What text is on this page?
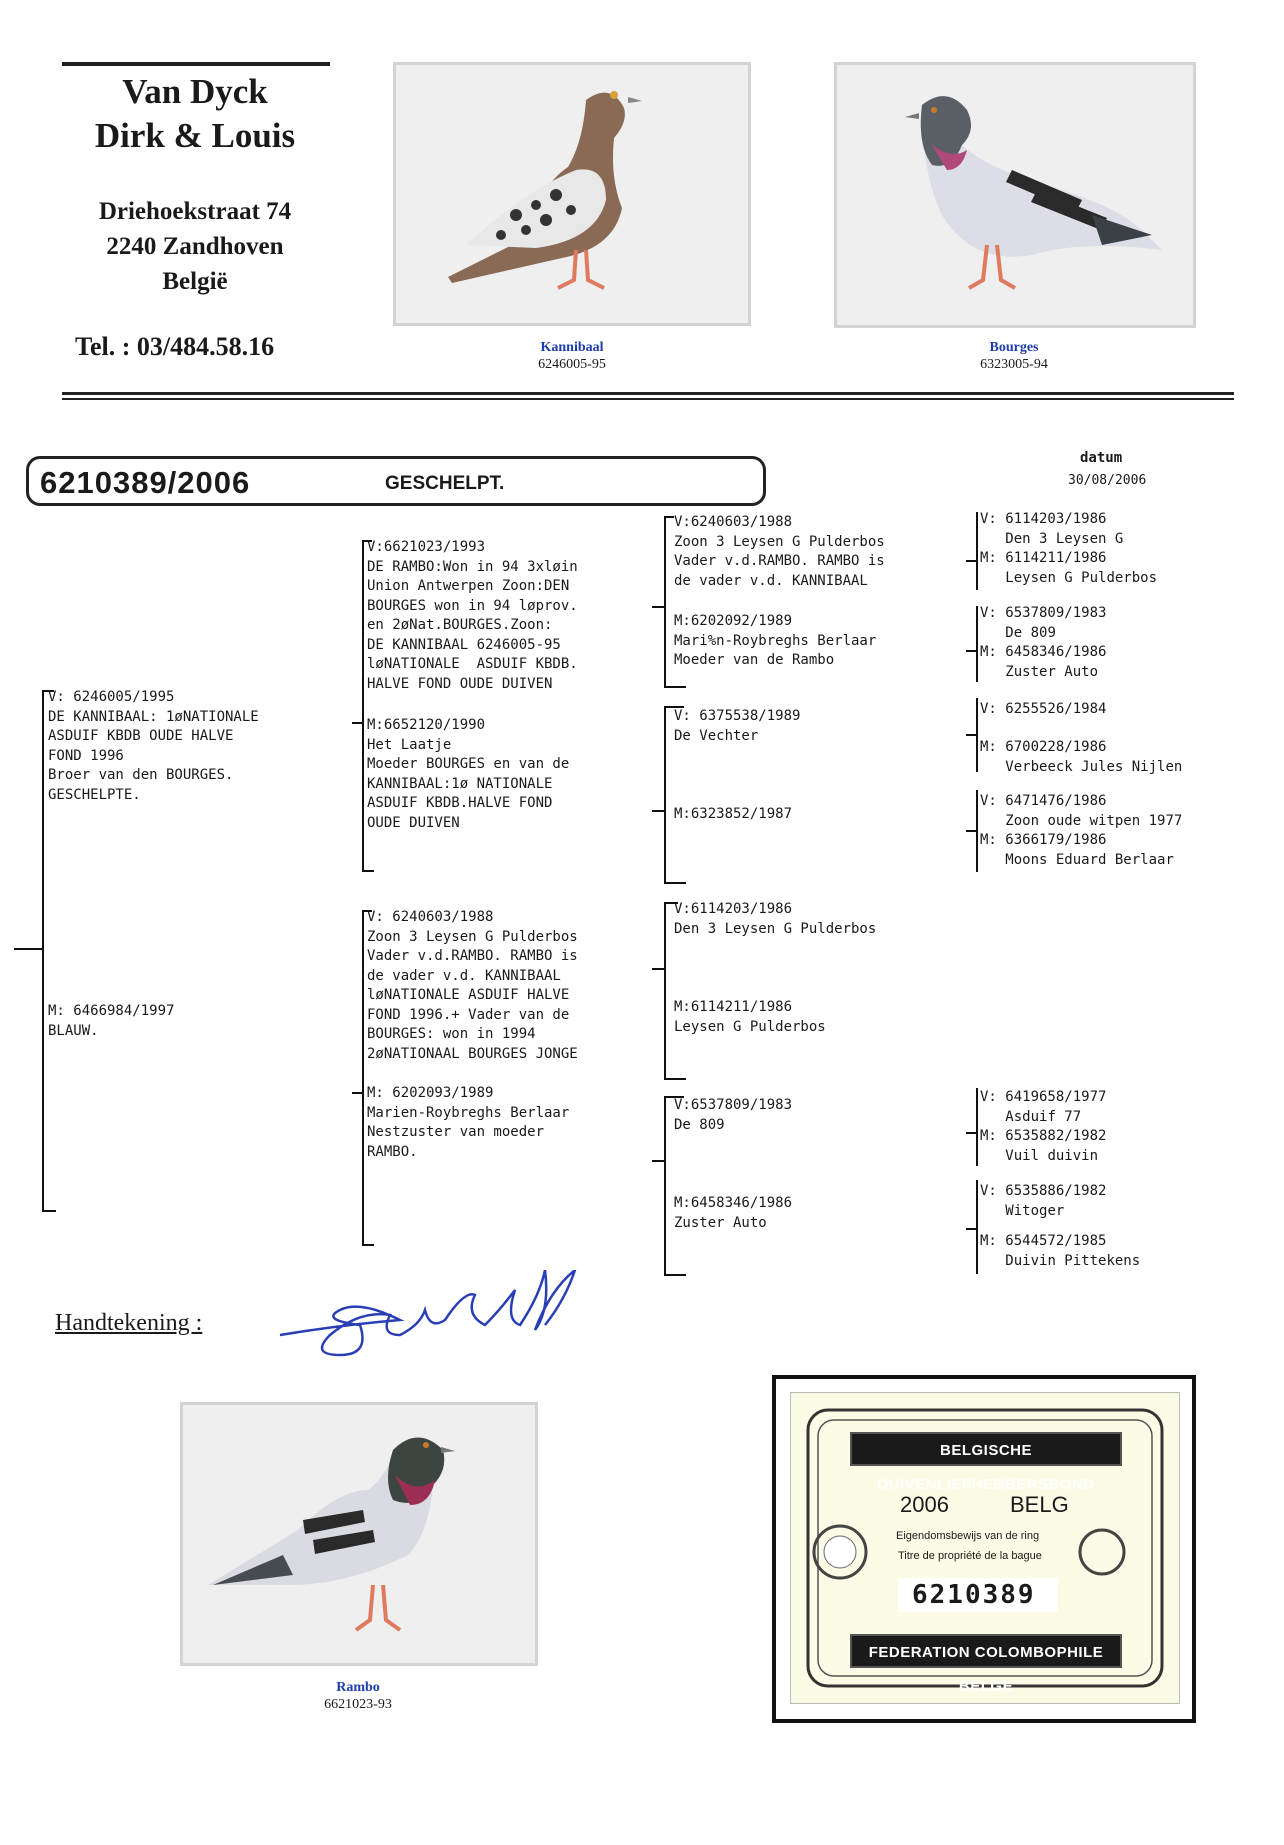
Van Dyck
Dirk & Louis
Driehoekstraat 74
2240 Zandhoven
België
Tel. : 03/484.58.16	Kannibaal
6246005-95
Bourges
6323005-94
6210389/2006	GESCHELPT.
datum
30/08/2006
V: 6246005/1995
DE KANNIBAAL: 1øNATIONALE
ASDUIF KBDB OUDE HALVE
FOND 1996
Broer van den BOURGES.
GESCHELPTE.
M: 6466984/1997
BLAUW.
V:6621023/1993
DE RAMBO:Won in 94 3xløin
Union Antwerpen Zoon:DEN
BOURGES won in 94 løprov.
en 2øNat.BOURGES.Zoon:
DE KANNIBAAL 6246005-95
løNATIONALE  ASDUIF KBDB.
HALVE FOND OUDE DUIVEN
M:6652120/1990
Het Laatje
Moeder BOURGES en van de
KANNIBAAL:1ø NATIONALE
ASDUIF KBDB.HALVE FOND
OUDE DUIVEN
V: 6240603/1988
Zoon 3 Leysen G Pulderbos
Vader v.d.RAMBO. RAMBO is
de vader v.d. KANNIBAAL
løNATIONALE ASDUIF HALVE
FOND 1996.+ Vader van de
BOURGES: won in 1994
2øNATIONAAL BOURGES JONGE
M: 6202093/1989
Marien-Roybreghs Berlaar
Nestzuster van moeder
RAMBO.
V:6240603/1988
Zoon 3 Leysen G Pulderbos
Vader v.d.RAMBO. RAMBO is
de vader v.d. KANNIBAAL
M:6202092/1989
Mari%n-Roybreghs Berlaar
Moeder van de Rambo
V: 6375538/1989
De Vechter
M:6323852/1987
V:6114203/1986
Den 3 Leysen G Pulderbos
M:6114211/1986
Leysen G Pulderbos
V:6537809/1983
De 809
M:6458346/1986
Zuster Auto
V: 6114203/1986
Den 3 Leysen G
M: 6114211/1986
Leysen G Pulderbos
V: 6537809/1983
De 809
M: 6458346/1986
Zuster Auto
V: 6255526/1984
M: 6700228/1986
Verbeeck Jules Nijlen
V: 6471476/1986
Zoon oude witpen 1977
M: 6366179/1986
Moons Eduard Berlaar
V: 6419658/1977
Asduif 77
M: 6535882/1982
Vuil duivin
V: 6535886/1982
Witoger
M: 6544572/1985
Duivin Pittekens
Handtekening :
Rambo
6621023-93
BELGISCHE DUIVENLIEFHEBBERSBOND
2006	BELG
Eigendomsbewijs van de ring
Titre de propriété de la bague
6210389
FEDERATION COLOMBOPHILE BELGE
